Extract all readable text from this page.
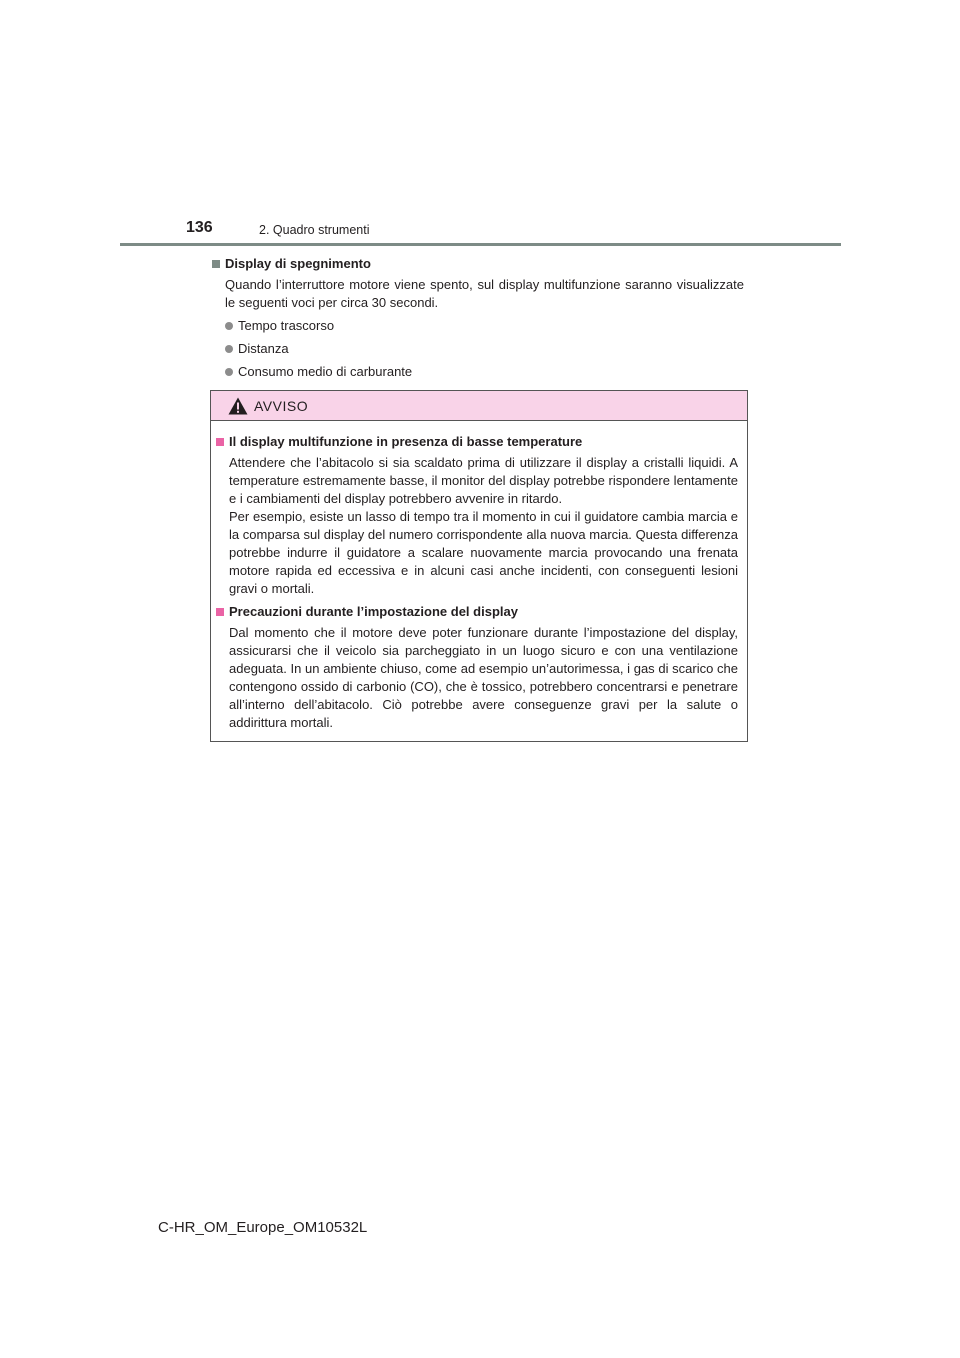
136	2. Quadro strumenti

Display di spegnimento

Quando l’interruttore motore viene spento, sul display multifunzione saranno visualizzate le seguenti voci per circa 30 secondi.

Tempo trascorso
Distanza
Consumo medio di carburante
AVVISO

Il display multifunzione in presenza di basse temperature

Attendere che l’abitacolo si sia scaldato prima di utilizzare il display a cristalli liquidi. A temperature estremamente basse, il monitor del display potrebbe rispondere lentamente e i cambiamenti del display potrebbero avvenire in ritardo.

Per esempio, esiste un lasso di tempo tra il momento in cui il guidatore cambia marcia e la comparsa sul display del numero corrispondente alla nuova marcia. Questa differenza potrebbe indurre il guidatore a scalare nuovamente marcia provocando una frenata motore rapida ed eccessiva e in alcuni casi anche incidenti, con conseguenti lesioni gravi o mortali.

Precauzioni durante l’impostazione del display

Dal momento che il motore deve poter funzionare durante l’impostazione del display, assicurarsi che il veicolo sia parcheggiato in un luogo sicuro e con una ventilazione adeguata. In un ambiente chiuso, come ad esempio un’autorimessa, i gas di scarico che contengono ossido di carbonio (CO), che è tossico, potrebbero concentrarsi e penetrare all’interno dell’abitacolo. Ciò potrebbe avere conseguenze gravi per la salute o addirittura mortali.

C-HR_OM_Europe_OM10532L
